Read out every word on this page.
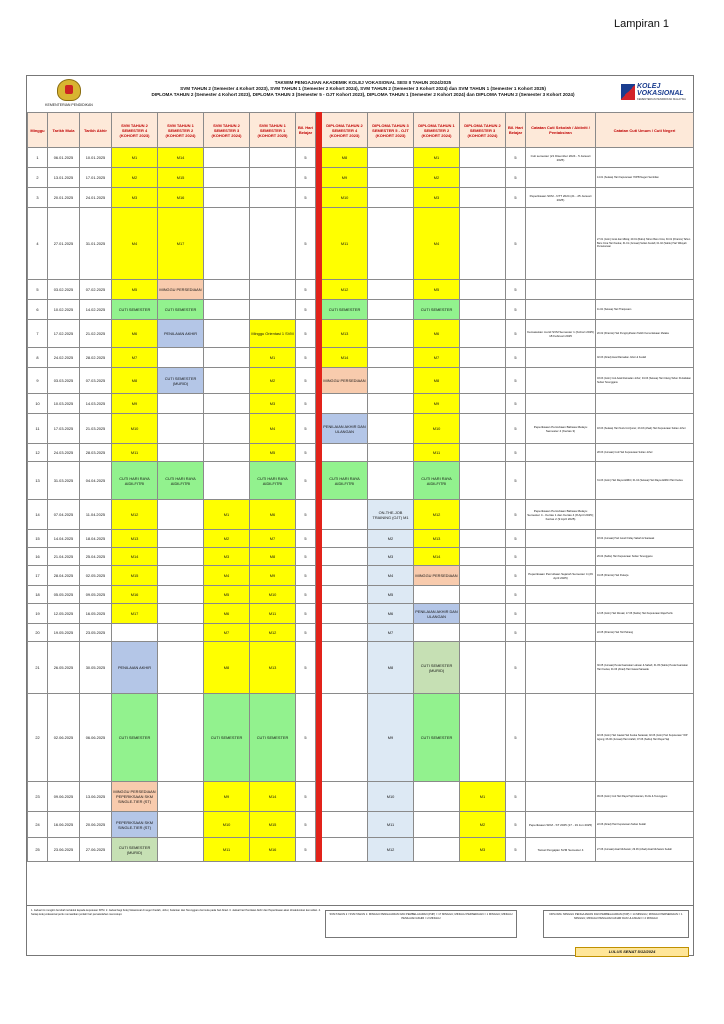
Lampiran 1
KEMENTERIAN PENDIDIKAN
TAKWIM PENGAJIAN AKADEMIK KOLEJ VOKASIONAL SESI II TAHUN 2024/2025
SVM TAHUN 2 (Semester 4 Kohort 2023), SVM TAHUN 1 (Semester 2 Kohort 2024), SVM TAHUN 2 (Semester 3 Kohort 2024) dan SVM TAHUN 1 (Semester 1 Kohort 2025)
DIPLOMA TAHUN 2 (Semester 4 Kohort 2023), DIPLOMA TAHUN 3 (Semester 5 - OJT Kohort 2023), DIPLOMA TAHUN 1 (Semester 2 Kohort 2024) dan DIPLOMA TAHUN 2 (Semester 3 Kohort 2024)
KOLEJ
VOKASIONAL
KEMENTERIAN PENDIDIKAN MALAYSIA
Minggu	Tarikh Mula	Tarikh Akhir	SVM TAHUN 2 SEMESTER 4 (KOHORT 2023)	SVM TAHUN 1 SEMESTER 2 (KOHORT 2024)	SVM TAHUN 2 SEMESTER 3 (KOHORT 2024)	SVM TAHUN 1 SEMESTER 1 (KOHORT 2025)	Bil. Hari Belajar		DIPLOMA TAHUN 2 SEMESTER 4 (KOHORT 2023)	DIPLOMA TAHUN 3 SEMESTER 5 - OJT (KOHORT 2023)	DIPLOMA TAHUN 1 SEMESTER 2 (KOHORT 2024)	DIPLOMA TAHUN 2 SEMESTER 3 (KOHORT 2024)	Bil. Hari Belajar	Catatan Cuti Sekolah / Aktiviti / Pentaksiran	Catatan Cuti Umum / Cuti Negeri
1	06.01.2025	10.01.2025	M1	M14			5		M8		M1		5	Cuti semester (21 Disember 2024 - 5 Januari 2025)	
2	13.01.2025	17.01.2025	M2	M15			5		M9		M2		5		14.01 (Selasa) Hari Keputeraan YDPB Negeri Sembilan
3	20.01.2025	24.01.2025	M3	M16			5		M10		M3		5	Peperiksaan SKM - NTT 2024 (21 - 25 Januari 2025)	
4	27.01.2025	31.01.2025	M4	M17			5		M11		M4		5		27.01 (Isnin) Israk dan Mikraj; 29.01 (Rabu) Tahun Baru Cina; 30.01 (Khamis) Tahun Baru Cina Hari Kedua; 31.01 (Jumaat) Sultan Kedah; 01.02 (Sabtu) Hari Wilayah Persekutuan
5	03.02.2025	07.02.2025	M5	MINGGU PERSEDIAAN			5		M12		M5		5		
6	10.02.2025	14.02.2025	CUTI SEMESTER	CUTI SEMESTER			5		CUTI SEMESTER		CUTI SEMESTER		5		11.02 (Selasa) Hari Thaipusam
7	17.02.2025	21.02.2025	M6	PENILAIAN AKHIR		Minggu Orientasi 1 SVM	5		M13		M6		5	Kemasukan murid SVM Semester 1 (Kohort 2025) 18 Februari 2025	20.02 (Khamis) Hari Pengisytiharan Tarikh Kemerdekaan Melaka
8	24.02.2025	28.02.2025	M7			M1	5		M14		M7		5		02.03 (Ahad) Awal Ramadan Johor & Kedah
9	03.03.2025	07.03.2025	M8	CUTI SEMESTER (MURID)		M2	5		MINGGU PERSEDIAAN		M8		5		03.03 (Isnin) Cuti Awal Ramadan Johor; 04.03 (Selasa) Hari Ulang Tahun Pertabalan Sultan Terengganu
10	10.03.2025	14.03.2025	M9			M3	5				M9		5		
11	17.03.2025	21.03.2025	M10			M4	5		PENILAIAN AKHIR DAN ULANGAN		M10		5	Peperiksaan Percubaan Bahasa Melayu Semester 4 (Kertas 3)	18.03 (Selasa) Hari Nuzul Al-Quran; 23.03 (Ahad) Hari Keputeraan Sultan Johor
12	24.03.2025	28.03.2025	M11			M5	5				M11		5		28.03 (Jumaat) Cuti Hari Keputeraan Sultan Johor
13	31.03.2025	04.04.2025	CUTI HARI RAYA AIDILFITRI	CUTI HARI RAYA AIDILFITRI		CUTI HARI RAYA AIDILFITRI	5		CUTI HARI RAYA AIDILFITRI		CUTI HARI RAYA AIDILFITRI		5		31.03 (Isnin) Hari Raya Aidilfitri; 01.04 (Selasa) Hari Raya Aidilfitri Hari Kedua
14	07.04.2025	11.04.2025	M12		M1	M6	5			ON-THE-JOB TRAINING (OJT) M1	M12		5	Peperiksaan Percubaan Bahasa Melayu Semester 4 - Kertas 1 dan Kertas 4 (8 April 2025); Kertas 2 (9 April 2025)	
15	14.04.2025	18.04.2025	M13		M2	M7	5			M2	M13		5		18.04 (Jumaat) Hari Good Friday Sabah & Sarawak
16	21.04.2025	25.04.2025	M14		M3	M8	5			M3	M14		5		26.04 (Sabtu) Hari Keputeraan Sultan Terengganu
17	28.04.2025	02.05.2025	M15		M4	M9	5			M4	MINGGU PERSEDIAAN		5	Peperiksaan Percubaan Sejarah Semester 4 (29 April 2025)	01.05 (Khamis) Hari Pekerja
18	05.05.2025	09.05.2025	M16		M5	M10	5			M5			5		
19	12.05.2025	16.05.2025	M17		M6	M11	5			M6	PENILAIAN AKHIR DAN ULANGAN		5		12.05 (Isnin) Hari Wesak; 17.05 (Sabtu) Hari Keputeraan Raja Perlis
20	19.05.2025	23.05.2025			M7	M12	5			M7			5		22.05 (Khamis) Hari Hol Pahang
21	26.05.2025	30.05.2025	PENILAIAN AKHIR		M8	M13	5			M8	CUTI SEMESTER (MURID)		5		30.05 (Jumaat) Pesta Kaamatan Labuan & Sabah; 31.05 (Sabtu) Pesta Kaamatan Hari Kedua; 01.06 (Ahad) Hari Gawai Sarawak
22	02.06.2025	06.06.2025	CUTI SEMESTER		CUTI SEMESTER	CUTI SEMESTER	5			M9	CUTI SEMESTER		5		02.06 (Isnin) Hari Gawai Hari Kedua Sarawak; 02.06 (Isnin) Hari Keputeraan YDP Agong; 06.06 (Jumaat) Hari Arafah; 07.06 (Sabtu) Hari Raya Haji
23	09.06.2025	13.06.2025	MINGGU PERSEDIAAN PEPERIKSAAN SKM SINGLE-TIER (ST)		M9	M14	5			M10		M1	5		09.06 (Isnin) Cuti Hari Raya Haji Kelantan, Perlis & Terengganu
24	16.06.2025	20.06.2025	PEPERIKSAAN SKM SINGLE-TIER (ST)		M10	M15	5			M11		M2	5	Peperiksaan SKM - ST 2025 (17 - 19 Jun 2025)	22.06 (Ahad) Hari Keputeraan Sultan Kedah
25	23.06.2025	27.06.2025	CUTI SEMESTER (MURID)		M11	M16	5			M12		M3	5	Tamat Pengajian SVM Semester 4	27.06 (Jumaat) Awal Muharam; 29.06 (Ahad) Awal Muharam Kedah
1. Jadual ini mungkin berubah tertakluk kepada keputusan KPM. 2. Jadual bagi Kolej Vokasional di negeri Kedah, Johor, Kelantan dan Terengganu bermula pada hari Ahad. 3. Jadual hari Penilaian Akhir dan Peperiksaan akan dimaklumkan kemudian. 4. Setiap kolej vokasional perlu memastikan jumlah hari persekolahan mencukupi.	SVM TAHUN 2 / SVM TAHUN 1: MINGGU PENGAJARAN DAN PEMBELAJARAN (PdP) = 17 MINGGU; MINGGU PERSEDIAAN = 1 MINGGU; MINGGU PENILAIAN AKHIR = 2 MINGGU
DIPLOMA: MINGGU PENGAJARAN DAN PEMBELAJARAN (PdP) = 14 MINGGU; MINGGU PERSEDIAAN = 1 MINGGU; MINGGU PENILAIAN AKHIR DAN ULANGAN = 2 MINGGU
LULUS SENAT 5/12/2024
